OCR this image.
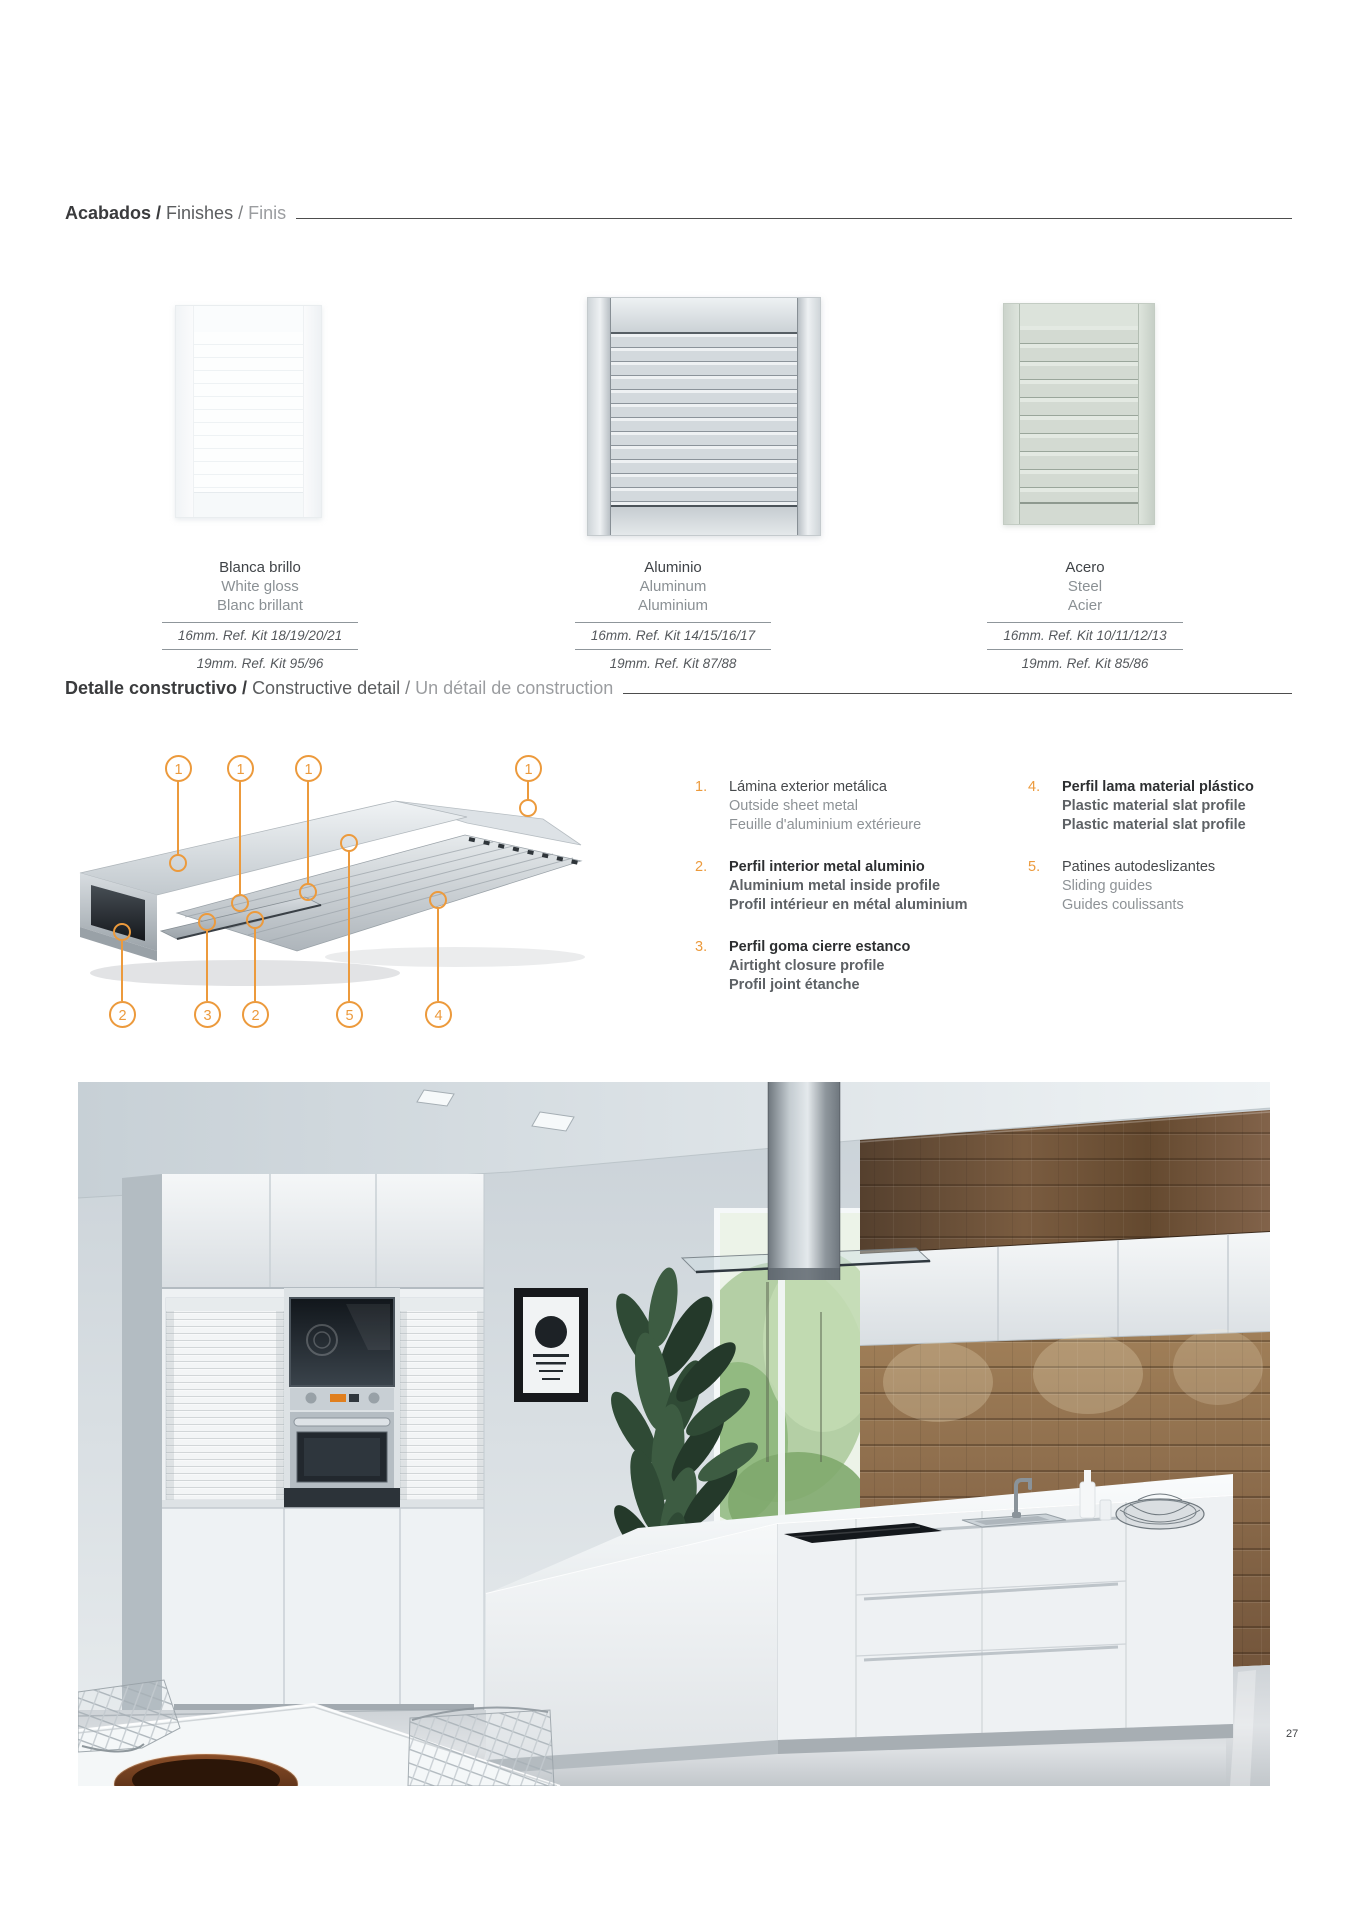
Acabados / Finishes / Finis
Blanca brillo
White gloss
Blanc brillant
16mm. Ref. Kit 18/19/20/21
19mm. Ref. Kit 95/96
Aluminio
Aluminum
Aluminium
16mm. Ref. Kit 14/15/16/17
19mm. Ref. Kit 87/88
Acero
Steel
Acier
16mm. Ref. Kit 10/11/12/13
19mm. Ref. Kit 85/86
Detalle constructivo / Constructive detail / Un détail de construction
1	1	1	1
2	3	2	5	4
1.	Lámina exterior metálica
Outside sheet metal
Feuille d'aluminium extérieure
2.	Perfil interior metal aluminio
Aluminium metal inside profile
Profil intérieur en métal aluminium
3.	Perfil goma cierre estanco
Airtight closure profile
Profil joint étanche
4.	Perfil lama material plástico
Plastic material slat profile
Plastic material slat profile
5.	Patines autodeslizantes
Sliding guides
Guides coulissants
27
